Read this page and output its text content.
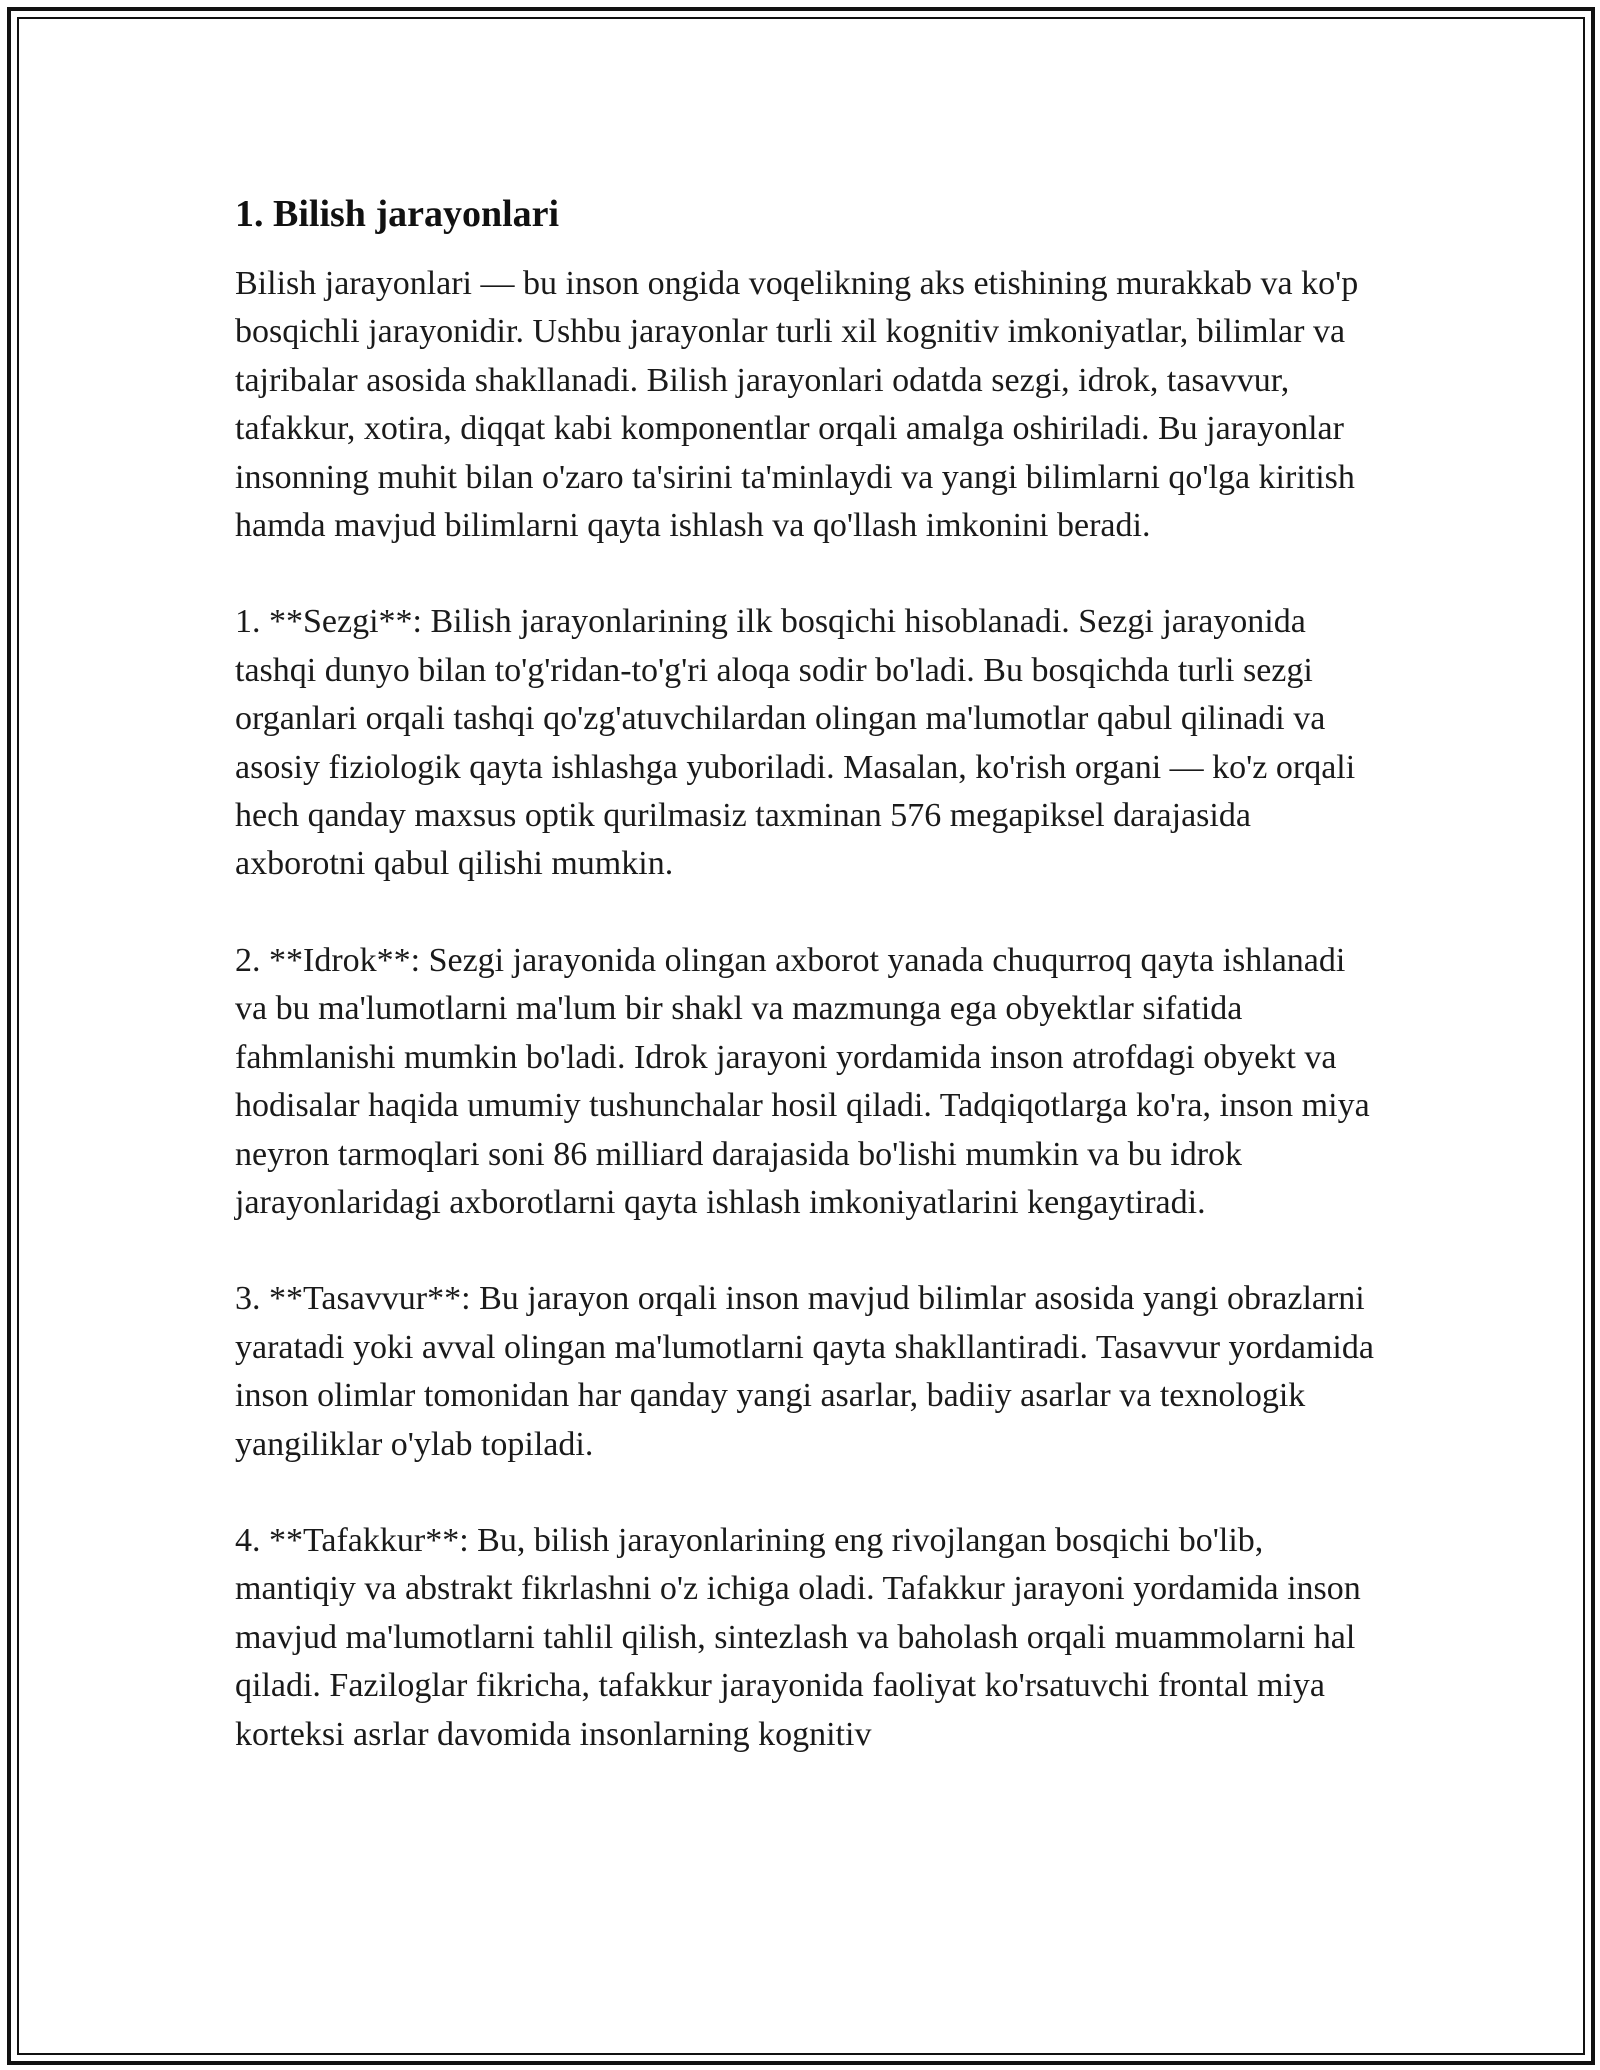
1. Bilish jarayonlari

Bilish jarayonlari — bu inson ongida voqelikning aks etishining murakkab va ko'p bosqichli jarayonidir. Ushbu jarayonlar turli xil kognitiv imkoniyatlar, bilimlar va tajribalar asosida shakllanadi. Bilish jarayonlari odatda sezgi, idrok, tasavvur, tafakkur, xotira, diqqat kabi komponentlar orqali amalga oshiriladi. Bu jarayonlar insonning muhit bilan o'zaro ta'sirini ta'minlaydi va yangi bilimlarni qo'lga kiritish hamda mavjud bilimlarni qayta ishlash va qo'llash imkonini beradi.

1. **Sezgi**: Bilish jarayonlarining ilk bosqichi hisoblanadi. Sezgi jarayonida tashqi dunyo bilan to'g'ridan-to'g'ri aloqa sodir bo'ladi. Bu bosqichda turli sezgi organlari orqali tashqi qo'zg'atuvchilardan olingan ma'lumotlar qabul qilinadi va asosiy fiziologik qayta ishlashga yuboriladi. Masalan, ko'rish organi — ko'z orqali hech qanday maxsus optik qurilmasiz taxminan 576 megapiksel darajasida axborotni qabul qilishi mumkin.

2. **Idrok**: Sezgi jarayonida olingan axborot yanada chuqurroq qayta ishlanadi va bu ma'lumotlarni ma'lum bir shakl va mazmunga ega obyektlar sifatida fahmlanishi mumkin bo'ladi. Idrok jarayoni yordamida inson atrofdagi obyekt va hodisalar haqida umumiy tushunchalar hosil qiladi. Tadqiqotlarga ko'ra, inson miya neyron tarmoqlari soni 86 milliard darajasida bo'lishi mumkin va bu idrok jarayonlaridagi axborotlarni qayta ishlash imkoniyatlarini kengaytiradi.

3. **Tasavvur**: Bu jarayon orqali inson mavjud bilimlar asosida yangi obrazlarni yaratadi yoki avval olingan ma'lumotlarni qayta shakllantiradi. Tasavvur yordamida inson olimlar tomonidan har qanday yangi asarlar, badiiy asarlar va texnologik yangiliklar o'ylab topiladi.

4. **Tafakkur**: Bu, bilish jarayonlarining eng rivojlangan bosqichi bo'lib, mantiqiy va abstrakt fikrlashni o'z ichiga oladi. Tafakkur jarayoni yordamida inson mavjud ma'lumotlarni tahlil qilish, sintezlash va baholash orqali muammolarni hal qiladi. Faziloglar fikricha, tafakkur jarayonida faoliyat ko'rsatuvchi frontal miya korteksi asrlar davomida insonlarning kognitiv
